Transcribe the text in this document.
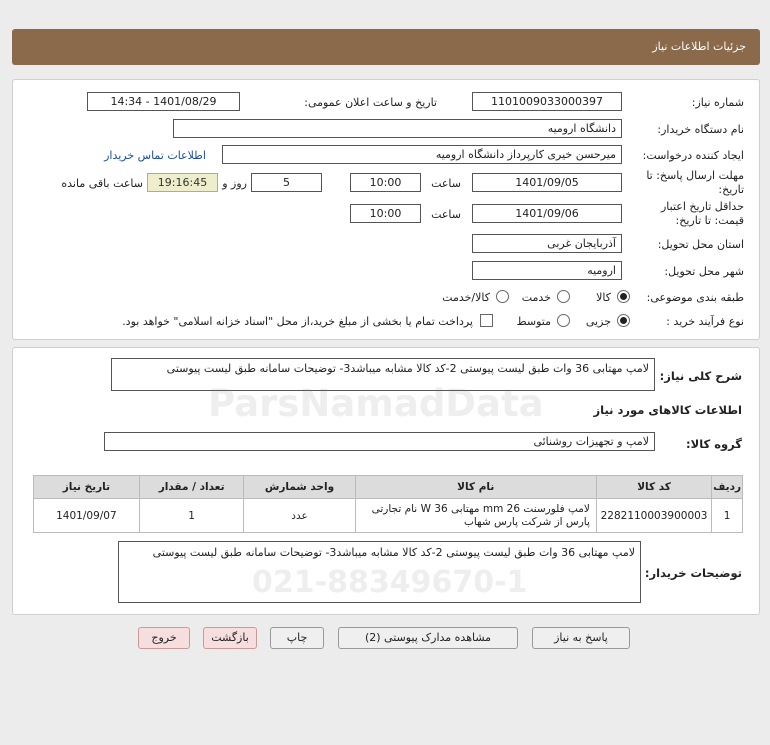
جزئیات اطلاعات نیاز
شماره نیاز:
1101009033000397
تاریخ و ساعت اعلان عمومی:
1401/08/29 - 14:34
نام دستگاه خریدار:
دانشگاه ارومیه
ایجاد کننده درخواست:
میرحسن خیری کارپرداز دانشگاه ارومیه
اطلاعات تماس خریدار
مهلت ارسال پاسخ: تا
تاریخ:
1401/09/05
ساعت
10:00
5
روز و
19:16:45
ساعت باقی مانده
حداقل تاریخ اعتبار
قیمت: تا تاریخ:
1401/09/06
ساعت
10:00
استان محل تحویل:
آذربایجان غربی
شهر محل تحویل:
ارومیه
طبقه بندی موضوعی:
کالا
خدمت
کالا/خدمت
نوع فرآیند خرید :
جزیی
متوسط
پرداخت تمام یا بخشی از مبلغ خرید،از محل "اسناد خزانه اسلامی" خواهد بود.
شرح کلی نیاز:
لامپ مهتابی 36 وات طبق لیست پیوستی 2-کد کالا مشابه میباشد3- توضیحات سامانه طبق لیست پیوستی
اطلاعات کالاهای مورد نیاز
گروه کالا:
لامپ و تجهیزات روشنائی
ردیف	کد کالا	نام کالا	واحد شمارش	تعداد / مقدار	تاریخ نیاز
1	2282110003900003	لامپ فلورسنت 26 mm مهتابی 36 W نام تجارتی پارس از شرکت پارس شهاب	عدد	1	1401/09/07
توضیحات خریدار:
لامپ مهتابی 36 وات طبق لیست پیوستی 2-کد کالا مشابه میباشد3- توضیحات سامانه طبق لیست پیوستی
پاسخ به نیاز
مشاهده مدارک پیوستی (2)
چاپ
بازگشت
خروج
